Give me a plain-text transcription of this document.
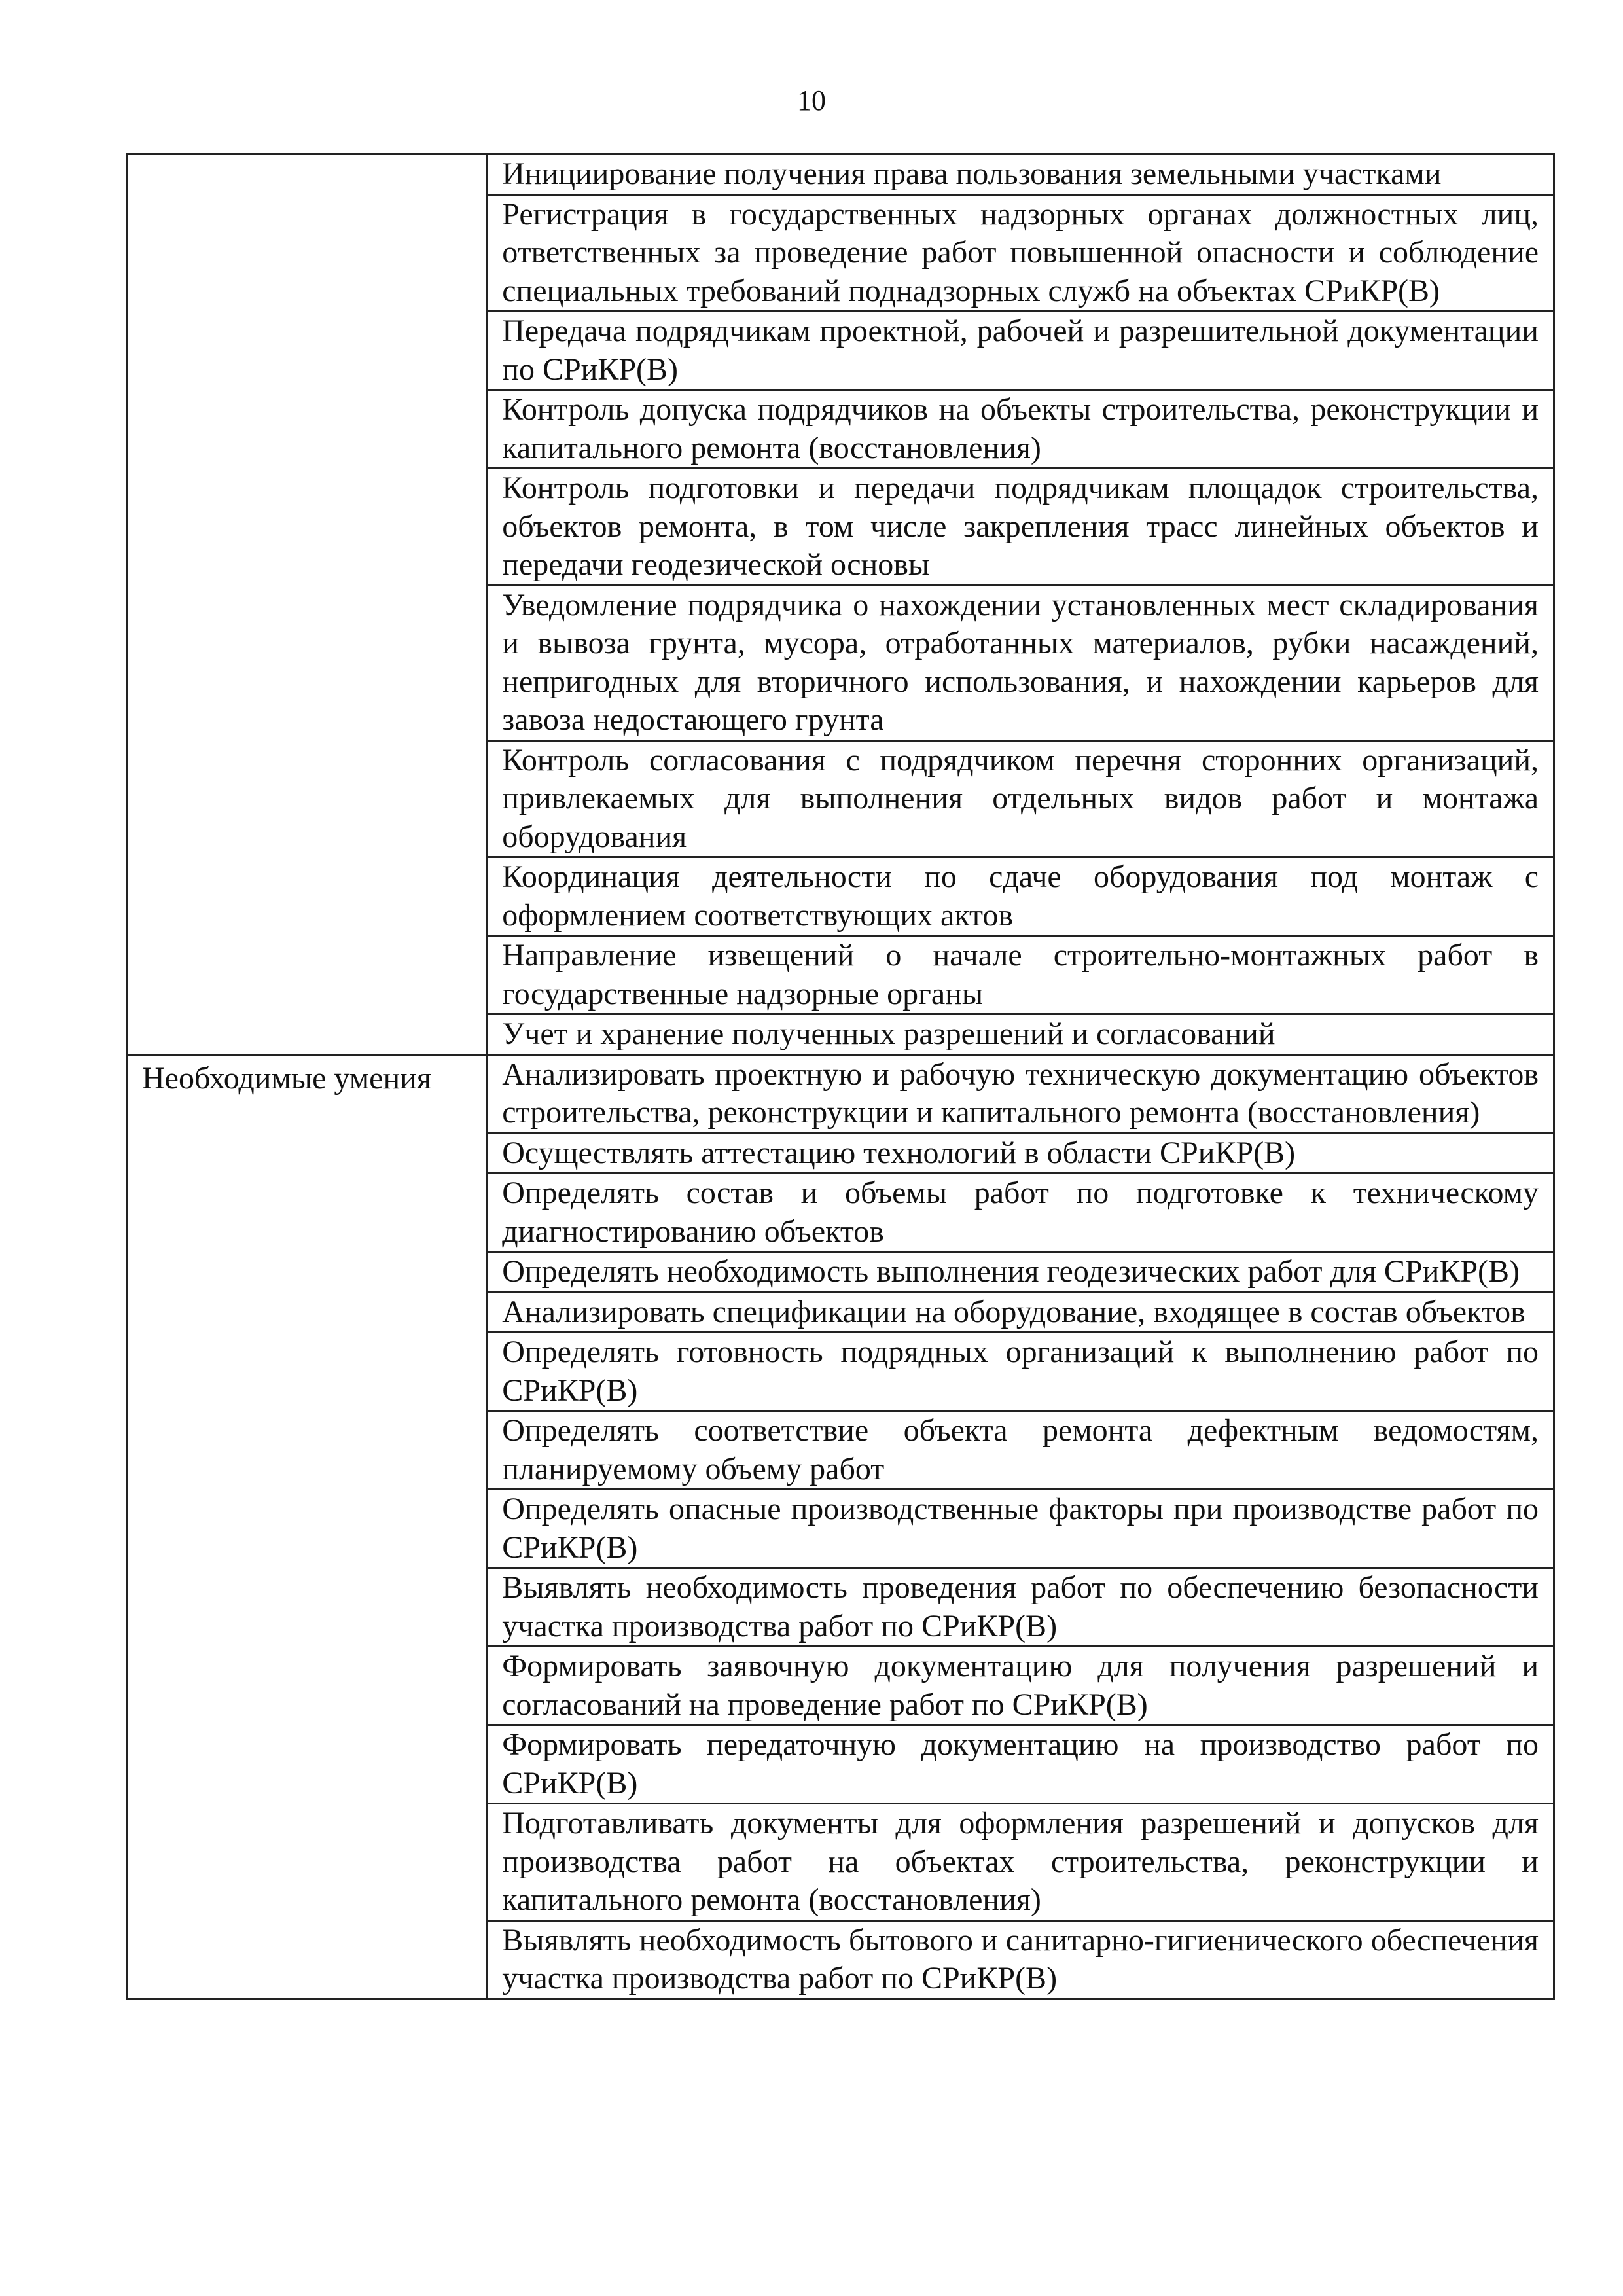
10

	Инициирование получения права пользования земельными участками

	Регистрация в государственных надзорных органах должностных лиц, ответственных за проведение работ повышенной опасности и соблюдение специальных требований поднадзорных служб на объектах СРиКР(В)

	Передача подрядчикам проектной, рабочей и разрешительной документации по СРиКР(В)

	Контроль допуска подрядчиков на объекты строительства, реконструкции и капитального ремонта (восстановления)

	Контроль подготовки и передачи подрядчикам площадок строительства, объектов ремонта, в том числе закрепления трасс линейных объектов и передачи геодезической основы

	Уведомление подрядчика о нахождении установленных мест складирования и вывоза грунта, мусора, отработанных материалов, рубки насаждений, непригодных для вторичного использования, и нахождении карьеров для завоза недостающего грунта

	Контроль согласования с подрядчиком перечня сторонних организаций, привлекаемых для выполнения отдельных видов работ и монтажа оборудования

	Координация деятельности по сдаче оборудования под монтаж с оформлением соответствующих актов

	Направление извещений о начале строительно-монтажных работ в государственные надзорные органы

	Учет и хранение полученных разрешений и согласований

Необходимые умения	Анализировать проектную и рабочую техническую документацию объектов строительства, реконструкции и капитального ремонта (восстановления)

	Осуществлять аттестацию технологий в области СРиКР(В)

	Определять состав и объемы работ по подготовке к техническому диагностированию объектов

	Определять необходимость выполнения геодезических работ для СРиКР(В)

	Анализировать спецификации на оборудование, входящее в состав объектов

	Определять готовность подрядных организаций к выполнению работ по СРиКР(В)

	Определять соответствие объекта ремонта дефектным ведомостям, планируемому объему работ

	Определять опасные производственные факторы при производстве работ по СРиКР(В)

	Выявлять необходимость проведения работ по обеспечению безопасности участка производства работ по СРиКР(В)

	Формировать заявочную документацию для получения разрешений и согласований на проведение работ по СРиКР(В)

	Формировать передаточную документацию на производство работ по СРиКР(В)

	Подготавливать документы для оформления разрешений и допусков для производства работ на объектах строительства, реконструкции и капитального ремонта (восстановления)

	Выявлять необходимость бытового и санитарно-гигиенического обеспечения участка производства работ по СРиКР(В)
